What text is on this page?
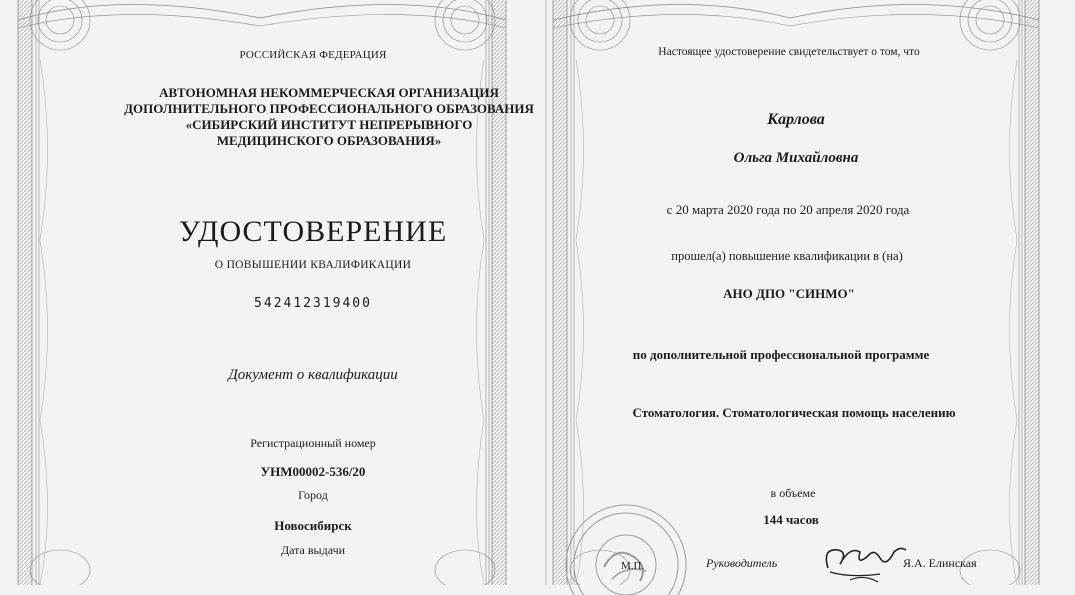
РОССИЙСКАЯ ФЕДЕРАЦИЯ
АВТОНОМНАЯ НЕКОММЕРЧЕСКАЯ ОРГАНИЗАЦИЯ
ДОПОЛНИТЕЛЬНОГО ПРОФЕССИОНАЛЬНОГО ОБРАЗОВАНИЯ
«СИБИРСКИЙ ИНСТИТУТ НЕПРЕРЫВНОГО
МЕДИЦИНСКОГО ОБРАЗОВАНИЯ»
УДОСТОВЕРЕНИЕ
О ПОВЫШЕНИИ КВАЛИФИКАЦИИ
542412319400
Документ о квалификации
Регистрационный номер
УНМ00002-536/20
Город
Новосибирск
Дата выдачи
Настоящее удостоверение свидетельствует о том, что
Карлова
Ольга Михайловна
с 20 марта 2020 года по 20 апреля 2020 года
прошел(а) повышение квалификации в (на)
АНО ДПО "СИНМО"
по дополнительной профессиональной программе
Стоматология. Стоматологическая помощь населению
в объеме
144 часов
М.П.	Руководитель	Я.А. Елинская
